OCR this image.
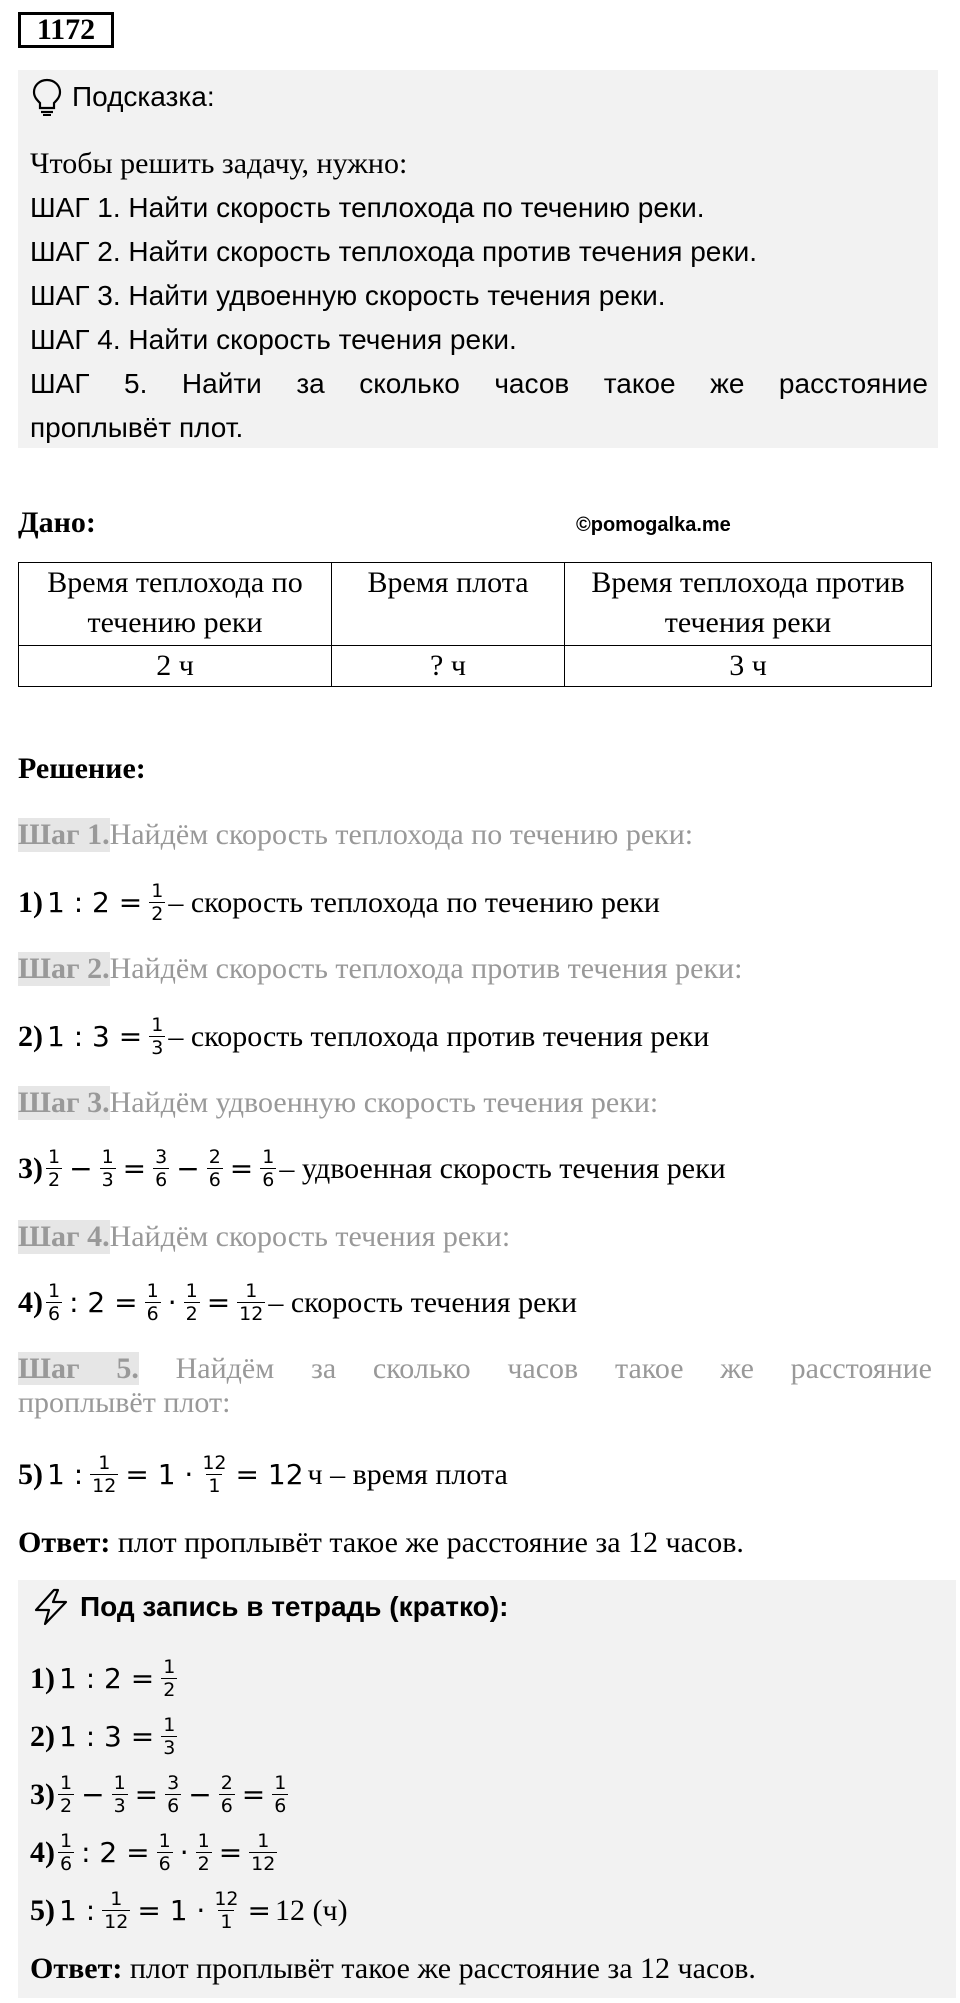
1172
Подсказка:
Чтобы решить задачу, нужно:
ШАГ 1. Найти скорость теплохода по течению реки.
ШАГ 2. Найти скорость теплохода против течения реки.
ШАГ 3. Найти удвоенную скорость течения реки.
ШАГ 4. Найти скорость течения реки.
ШАГ 5. Найти за сколько часов такое же расстояние
проплывёт плот.
Дано:	©pomogalka.me
Время теплохода по течению реки	Время плота	Время теплохода против течения реки
2 ч	? ч	3 ч
Решение:
Шаг 1. Найдём скорость теплохода по течению реки:
1) 1 : $2 = \frac{1}{2}$ – скорость теплохода по течению реки
Шаг 2. Найдём скорость теплохода против течения реки:
2) 1 : $3 = \frac{1}{3}$ – скорость теплохода против течения реки
Шаг 3. Найдём удвоенную скорость течения реки:
$3) \frac{1}{2} - \frac{1}{3} = \frac{3}{6} - \frac{2}{6} = \frac{1}{6}$ – удвоенная скорость течения реки
Шаг 4. Найдём скорость течения реки:
$4) \frac{1}{6}$ : $2 = \frac{1}{6} \cdot \frac{1}{2} = \frac{1}{12}$ – скорость течения реки
Шаг 5. Найдём за сколько часов такое же расстояние
проплывёт плот:
5) 1 : $\frac{1}{12} = 1 \cdot \frac{12}{1} = 12$ ч – время плота
Ответ: плот проплывёт такое же расстояние за 12 часов.
Под запись в тетрадь (кратко):
1) 1 : $2 = \frac{1}{2}$
2) 1 : $3 = \frac{1}{3}$
$3) \frac{1}{2} - \frac{1}{3} = \frac{3}{6} - \frac{2}{6} = \frac{1}{6}$
$4) \frac{1}{6}$ : $2 = \frac{1}{6} \cdot \frac{1}{2} = \frac{1}{12}$
5) 1 : $\frac{1}{12} = 1 \cdot \frac{12}{1} = 12$ (ч)
Ответ: плот проплывёт такое же расстояние за 12 часов.
